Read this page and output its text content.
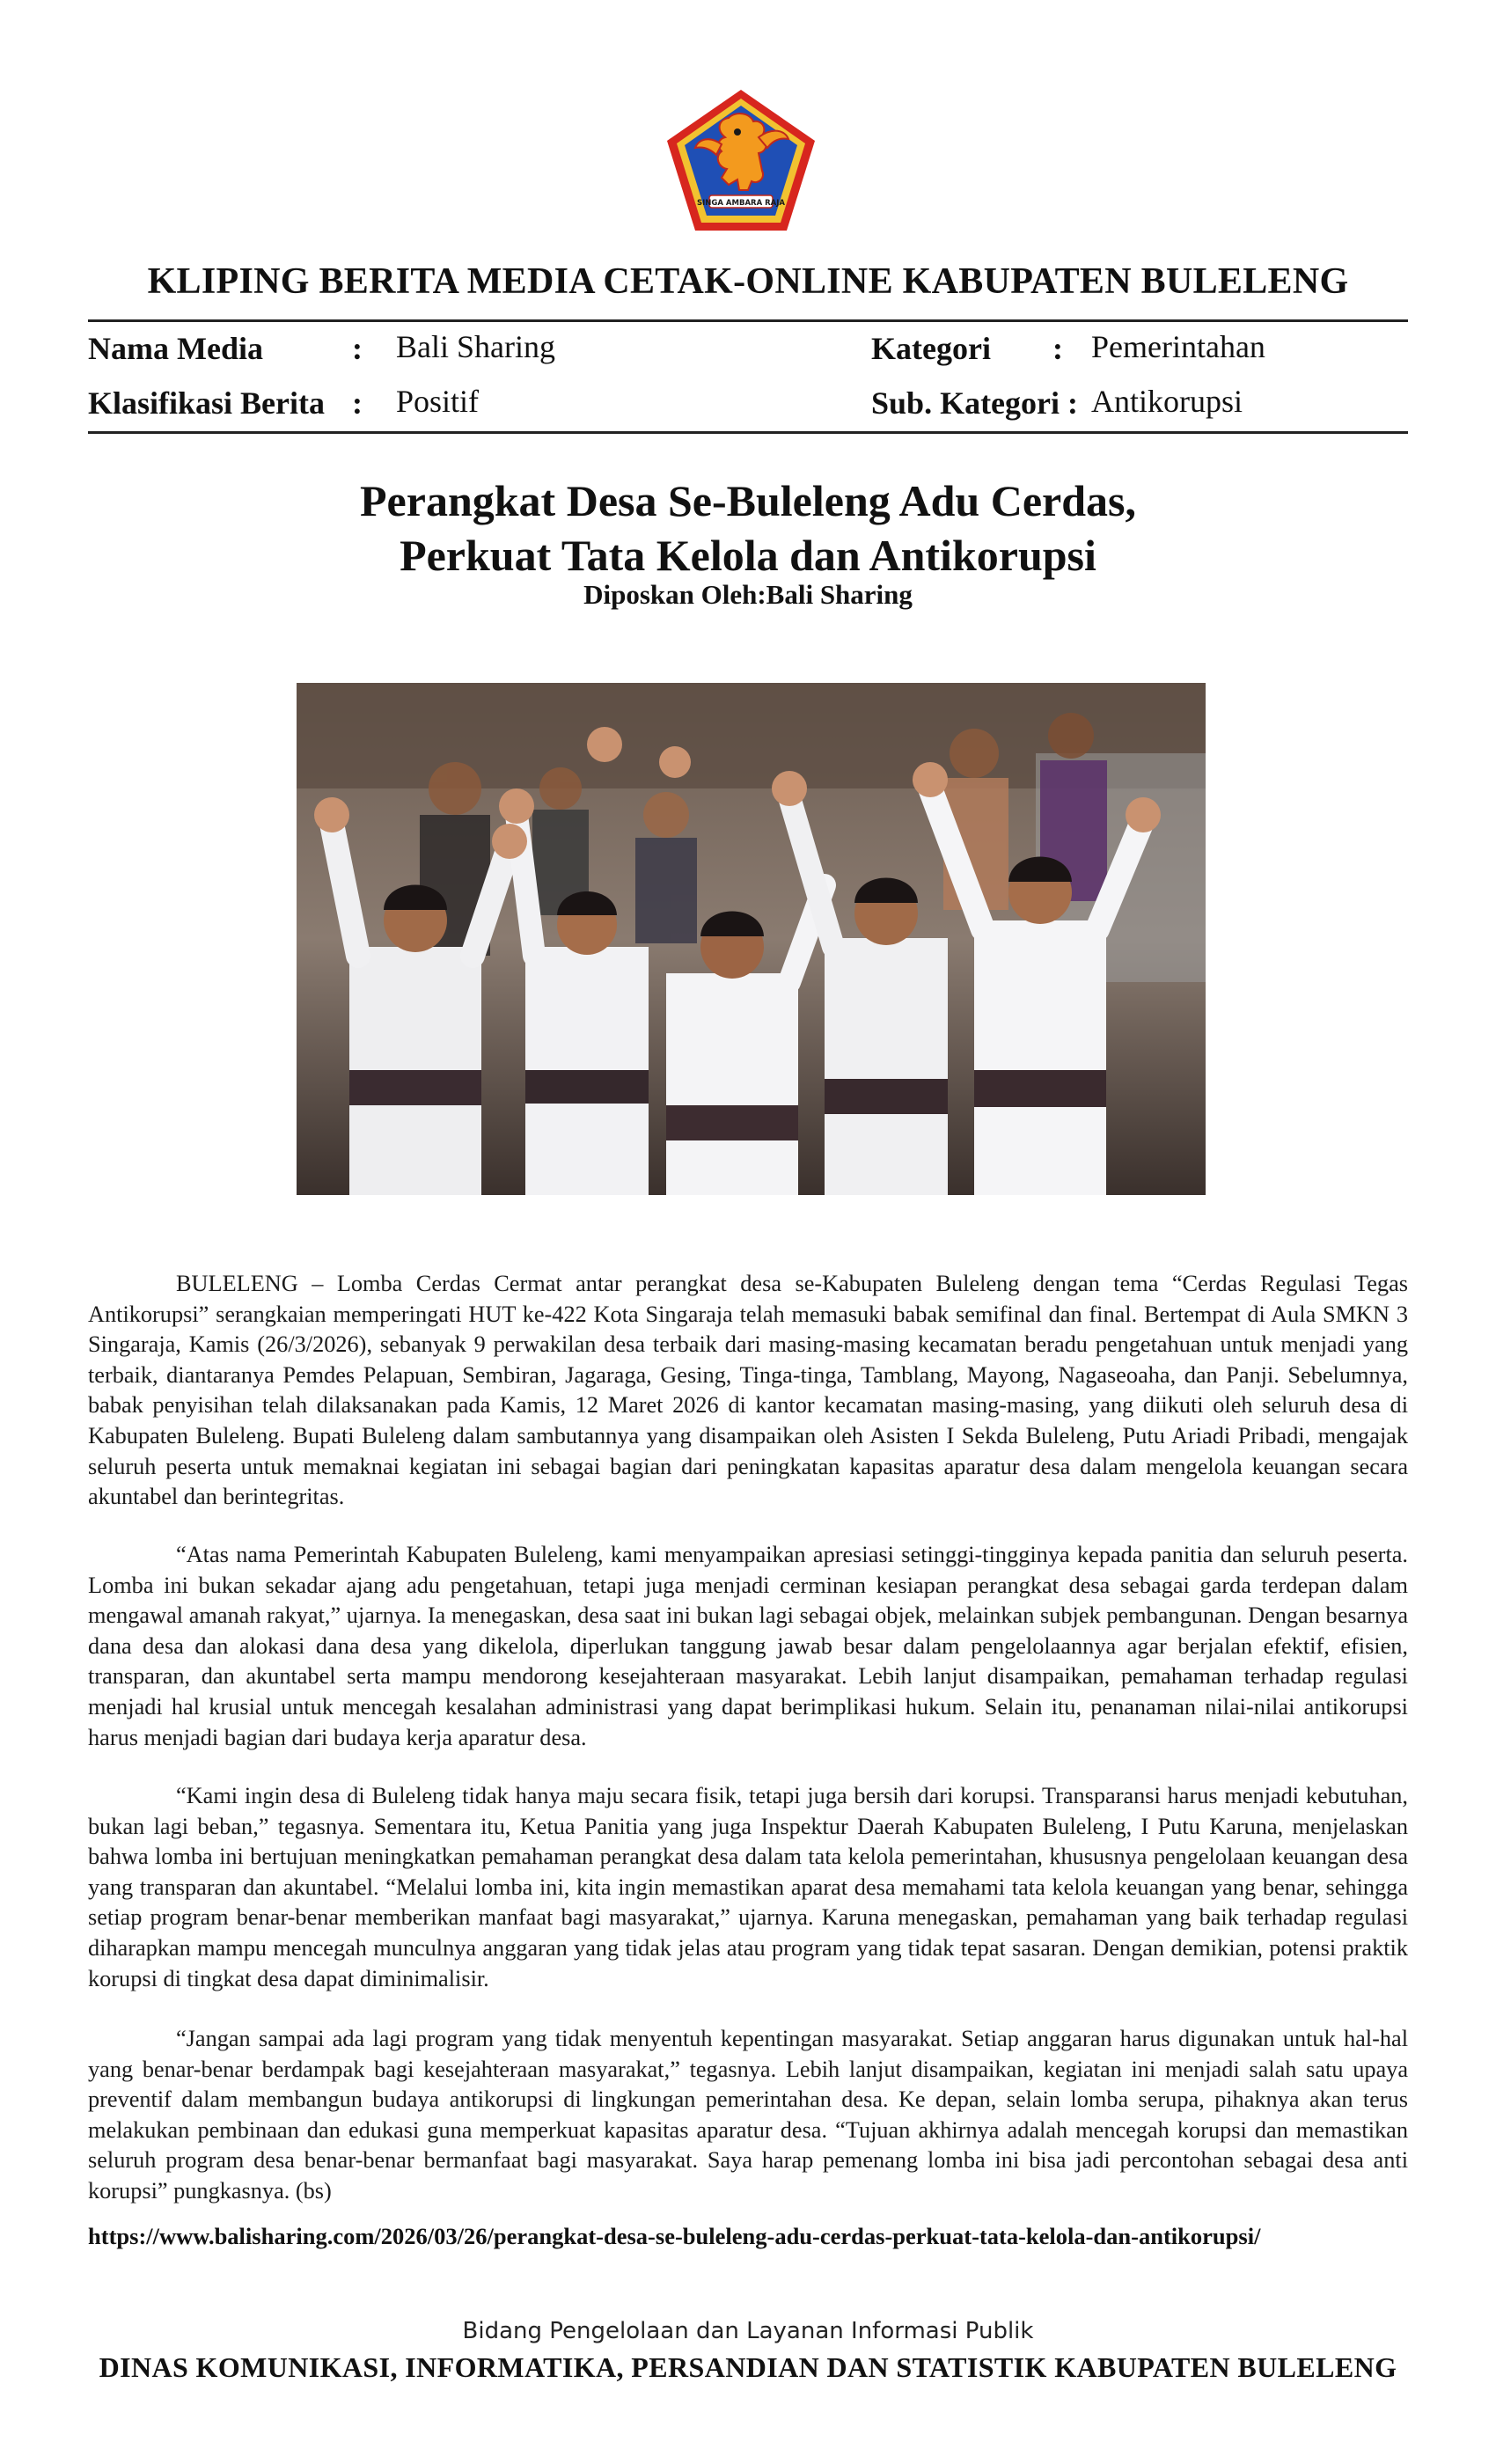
SINGA AMBARA RAJA
KLIPING BERITA MEDIA CETAK-ONLINE KABUPATEN BULELENG
Nama Media	: Bali Sharing
Klasifikasi Berita : Positif
Kategori : Pemerintahan
Sub. Kategori : Antikorupsi
Perangkat Desa Se-Buleleng Adu Cerdas,
Perkuat Tata Kelola dan Antikorupsi
Diposkan Oleh:Bali Sharing
BULELENG – Lomba Cerdas Cermat antar perangkat desa se-Kabupaten Buleleng dengan tema “Cerdas Regulasi Tegas Antikorupsi” serangkaian memperingati HUT ke-422 Kota Singaraja telah memasuki babak semifinal dan final. Bertempat di Aula SMKN 3 Singaraja, Kamis (26/3/2026), sebanyak 9 perwakilan desa terbaik dari masing-masing kecamatan beradu pengetahuan untuk menjadi yang terbaik, diantaranya Pemdes Pelapuan, Sembiran, Jagaraga, Gesing, Tinga-tinga, Tamblang, Mayong, Nagaseoaha, dan Panji. Sebelumnya, babak penyisihan telah dilaksanakan pada Kamis, 12 Maret 2026 di kantor kecamatan masing-masing, yang diikuti oleh seluruh desa di Kabupaten Buleleng. Bupati Buleleng dalam sambutannya yang disampaikan oleh Asisten I Sekda Buleleng, Putu Ariadi Pribadi, mengajak seluruh peserta untuk memaknai kegiatan ini sebagai bagian dari peningkatan kapasitas aparatur desa dalam mengelola keuangan secara akuntabel dan berintegritas.
“Atas nama Pemerintah Kabupaten Buleleng, kami menyampaikan apresiasi setinggi-tingginya kepada panitia dan seluruh peserta. Lomba ini bukan sekadar ajang adu pengetahuan, tetapi juga menjadi cerminan kesiapan perangkat desa sebagai garda terdepan dalam mengawal amanah rakyat,” ujarnya. Ia menegaskan, desa saat ini bukan lagi sebagai objek, melainkan subjek pembangunan. Dengan besarnya dana desa dan alokasi dana desa yang dikelola, diperlukan tanggung jawab besar dalam pengelolaannya agar berjalan efektif, efisien, transparan, dan akuntabel serta mampu mendorong kesejahteraan masyarakat. Lebih lanjut disampaikan, pemahaman terhadap regulasi menjadi hal krusial untuk mencegah kesalahan administrasi yang dapat berimplikasi hukum. Selain itu, penanaman nilai-nilai antikorupsi harus menjadi bagian dari budaya kerja aparatur desa.
“Kami ingin desa di Buleleng tidak hanya maju secara fisik, tetapi juga bersih dari korupsi. Transparansi harus menjadi kebutuhan, bukan lagi beban,” tegasnya. Sementara itu, Ketua Panitia yang juga Inspektur Daerah Kabupaten Buleleng, I Putu Karuna, menjelaskan bahwa lomba ini bertujuan meningkatkan pemahaman perangkat desa dalam tata kelola pemerintahan, khususnya pengelolaan keuangan desa yang transparan dan akuntabel. “Melalui lomba ini, kita ingin memastikan aparat desa memahami tata kelola keuangan yang benar, sehingga setiap program benar-benar memberikan manfaat bagi masyarakat,” ujarnya. Karuna menegaskan, pemahaman yang baik terhadap regulasi diharapkan mampu mencegah munculnya anggaran yang tidak jelas atau program yang tidak tepat sasaran. Dengan demikian, potensi praktik korupsi di tingkat desa dapat diminimalisir.
“Jangan sampai ada lagi program yang tidak menyentuh kepentingan masyarakat. Setiap anggaran harus digunakan untuk hal-hal yang benar-benar berdampak bagi kesejahteraan masyarakat,” tegasnya. Lebih lanjut disampaikan, kegiatan ini menjadi salah satu upaya preventif dalam membangun budaya antikorupsi di lingkungan pemerintahan desa. Ke depan, selain lomba serupa, pihaknya akan terus melakukan pembinaan dan edukasi guna memperkuat kapasitas aparatur desa. “Tujuan akhirnya adalah mencegah korupsi dan memastikan seluruh program desa benar-benar bermanfaat bagi masyarakat. Saya harap pemenang lomba ini bisa jadi percontohan sebagai desa anti korupsi” pungkasnya. (bs)
https://www.balisharing.com/2026/03/26/perangkat-desa-se-buleleng-adu-cerdas-perkuat-tata-kelola-dan-antikorupsi/
Bidang Pengelolaan dan Layanan Informasi Publik
DINAS KOMUNIKASI, INFORMATIKA, PERSANDIAN DAN STATISTIK KABUPATEN BULELENG
